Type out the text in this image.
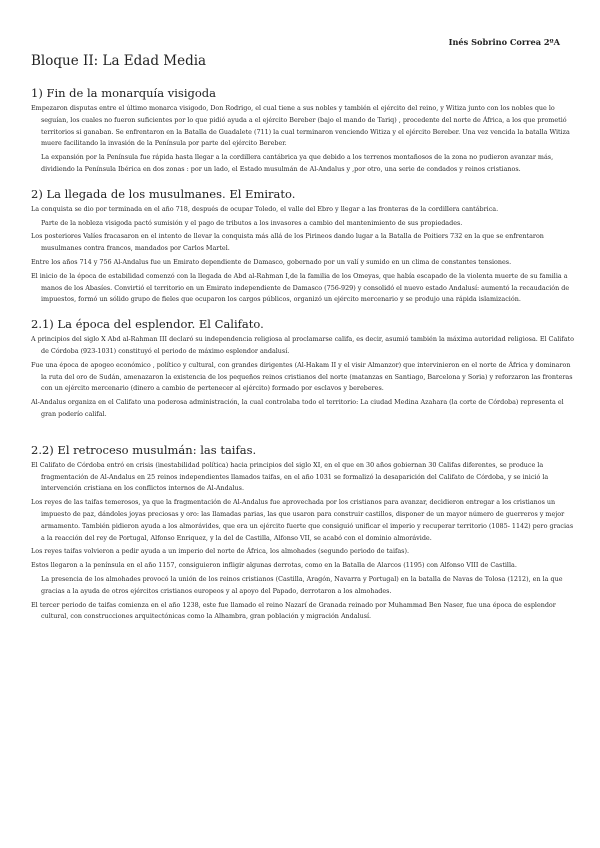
Inés Sobrino Correa 2ºA
Bloque II: La Edad Media
1) Fin de la monarquía visigoda

Empezaron disputas entre el último monarca visigodo, Don Rodrigo, el cual tiene a sus nobles y también el ejército del reino, y Witiza junto con los nobles que lo seguían, los cuales no fueron suficientes por lo que pidió ayuda a el ejército Bereber (bajo el mando de Tariq) , procedente del norte de África, a los que prometió territorios si ganaban. Se enfrentaron en la Batalla de Guadalete (711) la cual terminaron venciendo Witiza y el ejército Bereber. Una vez vencida la batalla Witiza muere facilitando la invasión de la Península por parte del ejército Bereber.

La expansión por la Península fue rápida hasta llegar a la cordillera cantábrica ya que debido a los terrenos montañosos de la zona no pudieron avanzar más, dividiendo la Península Ibérica en dos zonas : por un lado, el Estado musulmán de Al-Andalus y ,por otro, una serie de condados y reinos cristianos.

2) La llegada de los musulmanes. El Emirato.

La conquista se dio por terminada en el año 718, después de ocupar Toledo, el valle del Ebro y llegar a las fronteras de la cordillera cantábrica.

Parte de la nobleza visigoda pactó sumisión y el pago de tributos a los invasores a cambio del mantenimiento de sus propiedades.

Los posteriores Valíes fracasaron en el intento de llevar la conquista más allá de los Pirineos dando lugar a la Batalla de Poitiers 732 en la que se enfrentaron musulmanes contra francos, mandados por Carlos Martel.

Entre los años 714 y 756 Al-Andalus fue un Emirato dependiente de Damasco, gobernado por un valí y sumido en un clima de constantes tensiones.

El inicio de la época de estabilidad comenzó con la llegada de Abd al-Rahman I,de la familia de los Omeyas, que había escapado de la violenta muerte de su familia a manos de los Abasíes. Convirtió el territorio en un Emirato independiente de Damasco (756-929) y consolidó el nuevo estado Andalusí: aumentó la recaudación de impuestos, formó un sólido grupo de fieles que ocuparon los cargos públicos, organizó un ejército mercenario y se produjo una rápida islamización.

2.1) La época del esplendor. El Califato.

A principios del siglo X Abd al-Rahman III declaró su independencia religiosa al proclamarse califa, es decir, asumió también la máxima autoridad religiosa. El Califato de Córdoba (923-1031) constituyó el periodo de máximo esplendor andalusí.

Fue una época de apogeo económico , político y cultural, con grandes dirigentes (Al-Hakam II y el visir Almanzor) que intervinieron en el norte de África y dominaron la ruta del oro de Sudán, amenazaron la existencia de los pequeños reinos cristianos del norte (matanzas en Santiago, Barcelona y Soria) y reforzaron las fronteras con un ejército mercenario (dinero a cambio de pertenecer al ejército) formado por esclavos y bereberes.

Al-Andalus organiza en el Califato una poderosa administración, la cual controlaba todo el territorio: La ciudad Medina Azahara (la corte de Córdoba) representa el gran poderío califal.

2.2) El retroceso musulmán: las taifas.

El Califato de Córdoba entró en crisis (inestabilidad política) hacia principios del siglo XI, en el que en 30 años gobiernan 30 Califas diferentes, se produce la fragmentación de Al-Andalus en 25 reinos independientes llamados taifas, en el año 1031 se formalizó la desaparición del Califato de Córdoba, y se inició la intervención cristiana en los conflictos internos de Al-Andalus.

Los reyes de las taifas temerosos, ya que la fragmentación de Al-Andalus fue aprovechada por los cristianos para avanzar, decidieron entregar a los cristianos un impuesto de paz, dándoles joyas preciosas y oro: las llamadas parias, las que usaron para construir castillos, disponer de un mayor número de guerreros y mejor armamento. También pidieron ayuda a los almorávides, que era un ejército fuerte que consiguió unificar el imperio y recuperar territorio (1085- 1142) pero gracias a la reacción del rey de Portugal, Alfonso Enriquez, y la del de Castilla, Alfonso VII, se acabó con el dominio almorávide.

Los reyes taifas volvieron a pedir ayuda a un imperio del norte de África, los almohades (segundo periodo de taifas).

Estos llegaron a la península en el año 1157, consiguieron infligir algunas derrotas, como en la Batalla de Alarcos (1195) con Alfonso VIII de Castilla.

La presencia de los almohades provocó la unión de los reinos cristianos (Castilla, Aragón, Navarra y Portugal) en la batalla de Navas de Tolosa (1212), en la que gracias a la ayuda de otros ejércitos cristianos europeos y al apoyo del Papado, derrotaron a los almohades.

El tercer periodo de taifas comienza en el año 1238, este fue llamado el reino Nazarí de Granada reinado por Muhammad Ben Naser, fue una época de esplendor cultural, con construcciones arquitectónicas como la Alhambra, gran población y migración Andalusí.
